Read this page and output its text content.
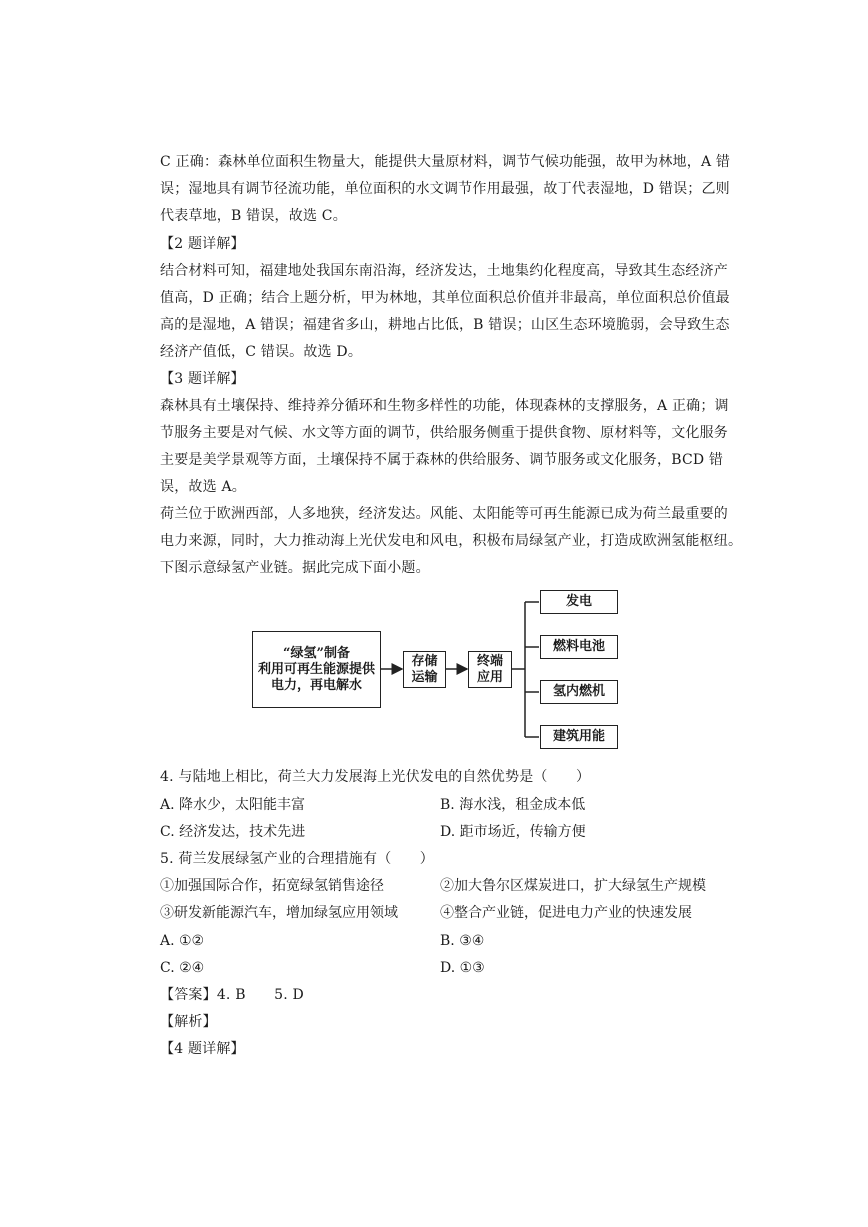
C 正确：森林单位面积生物量大，能提供大量原材料，调节气候功能强，故甲为林地，A 错
误；湿地具有调节径流功能，单位面积的水文调节作用最强，故丁代表湿地，D 错误；乙则
代表草地，B 错误，故选 C。
【2 题详解】
结合材料可知，福建地处我国东南沿海，经济发达，土地集约化程度高，导致其生态经济产
值高，D 正确；结合上题分析，甲为林地，其单位面积总价值并非最高，单位面积总价值最
高的是湿地，A 错误；福建省多山，耕地占比低，B 错误；山区生态环境脆弱，会导致生态
经济产值低，C 错误。故选 D。
【3 题详解】
森林具有土壤保持、维持养分循环和生物多样性的功能，体现森林的支撑服务，A 正确；调
节服务主要是对气候、水文等方面的调节，供给服务侧重于提供食物、原材料等，文化服务
主要是美学景观等方面，土壤保持不属于森林的供给服务、调节服务或文化服务，BCD 错
误，故选 A。
荷兰位于欧洲西部，人多地狭，经济发达。风能、太阳能等可再生能源已成为荷兰最重要的
电力来源，同时，大力推动海上光伏发电和风电，积极布局绿氢产业，打造成欧洲氢能枢纽。
下图示意绿氢产业链。据此完成下面小题。
“绿氢”制备
利用可再生能源提供
电力，再电解水
存储
运输
终端
应用
发电
燃料电池
氢内燃机
建筑用能
4. 与陆地上相比，荷兰大力发展海上光伏发电的自然优势是（　　）
A. 降水少，太阳能丰富	B. 海水浅，租金成本低
C. 经济发达，技术先进	D. 距市场近，传输方便
5. 荷兰发展绿氢产业的合理措施有（　　）
①加强国际合作，拓宽绿氢销售途径	②加大鲁尔区煤炭进口，扩大绿氢生产规模
③研发新能源汽车，增加绿氢应用领域	④整合产业链，促进电力产业的快速发展
A. ①②	B. ③④
C. ②④	D. ①③
【答案】4. B　　5. D
【解析】
【4 题详解】
